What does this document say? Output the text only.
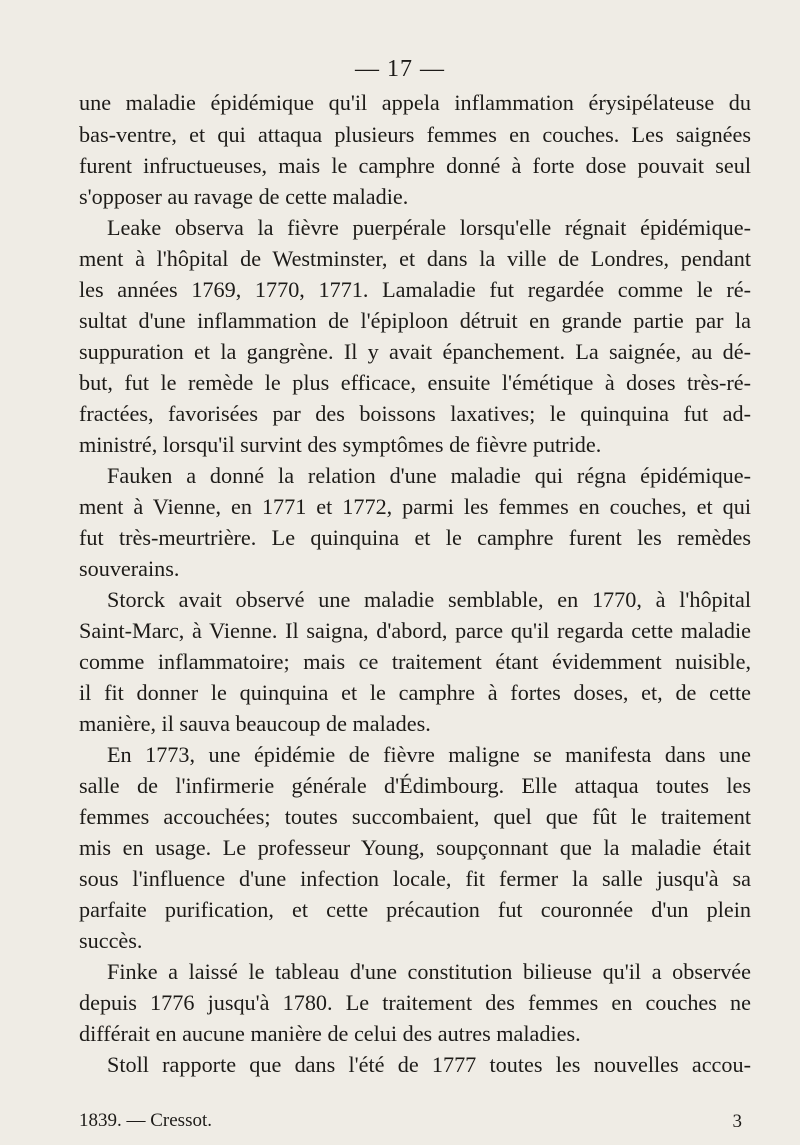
— 17 —
une maladie épidémique qu'il appela inflammation érysipélateuse du
bas-ventre, et qui attaqua plusieurs femmes en couches. Les saignées
furent infructueuses, mais le camphre donné à forte dose pouvait seul
s'opposer au ravage de cette maladie.
Leake observa la fièvre puerpérale lorsqu'elle régnait épidémique-
ment à l'hôpital de Westminster, et dans la ville de Londres, pendant
les années 1769, 1770, 1771. Lamaladie fut regardée comme le ré-
sultat d'une inflammation de l'épiploon détruit en grande partie par la
suppuration et la gangrène. Il y avait épanchement. La saignée, au dé-
but, fut le remède le plus efficace, ensuite l'émétique à doses très-ré-
fractées, favorisées par des boissons laxatives; le quinquina fut ad-
ministré, lorsqu'il survint des symptômes de fièvre putride.
Fauken a donné la relation d'une maladie qui régna épidémique-
ment à Vienne, en 1771 et 1772, parmi les femmes en couches, et qui
fut très-meurtrière. Le quinquina et le camphre furent les remèdes
souverains.
Storck avait observé une maladie semblable, en 1770, à l'hôpital
Saint-Marc, à Vienne. Il saigna, d'abord, parce qu'il regarda cette maladie
comme inflammatoire; mais ce traitement étant évidemment nuisible,
il fit donner le quinquina et le camphre à fortes doses, et, de cette
manière, il sauva beaucoup de malades.
En 1773, une épidémie de fièvre maligne se manifesta dans une
salle de l'infirmerie générale d'Édimbourg. Elle attaqua toutes les
femmes accouchées; toutes succombaient, quel que fût le traitement
mis en usage. Le professeur Young, soupçonnant que la maladie était
sous l'influence d'une infection locale, fit fermer la salle jusqu'à sa
parfaite purification, et cette précaution fut couronnée d'un plein
succès.
Finke a laissé le tableau d'une constitution bilieuse qu'il a observée
depuis 1776 jusqu'à 1780. Le traitement des femmes en couches ne
différait en aucune manière de celui des autres maladies.
Stoll rapporte que dans l'été de 1777 toutes les nouvelles accou-
1839. — Cressot.	3
